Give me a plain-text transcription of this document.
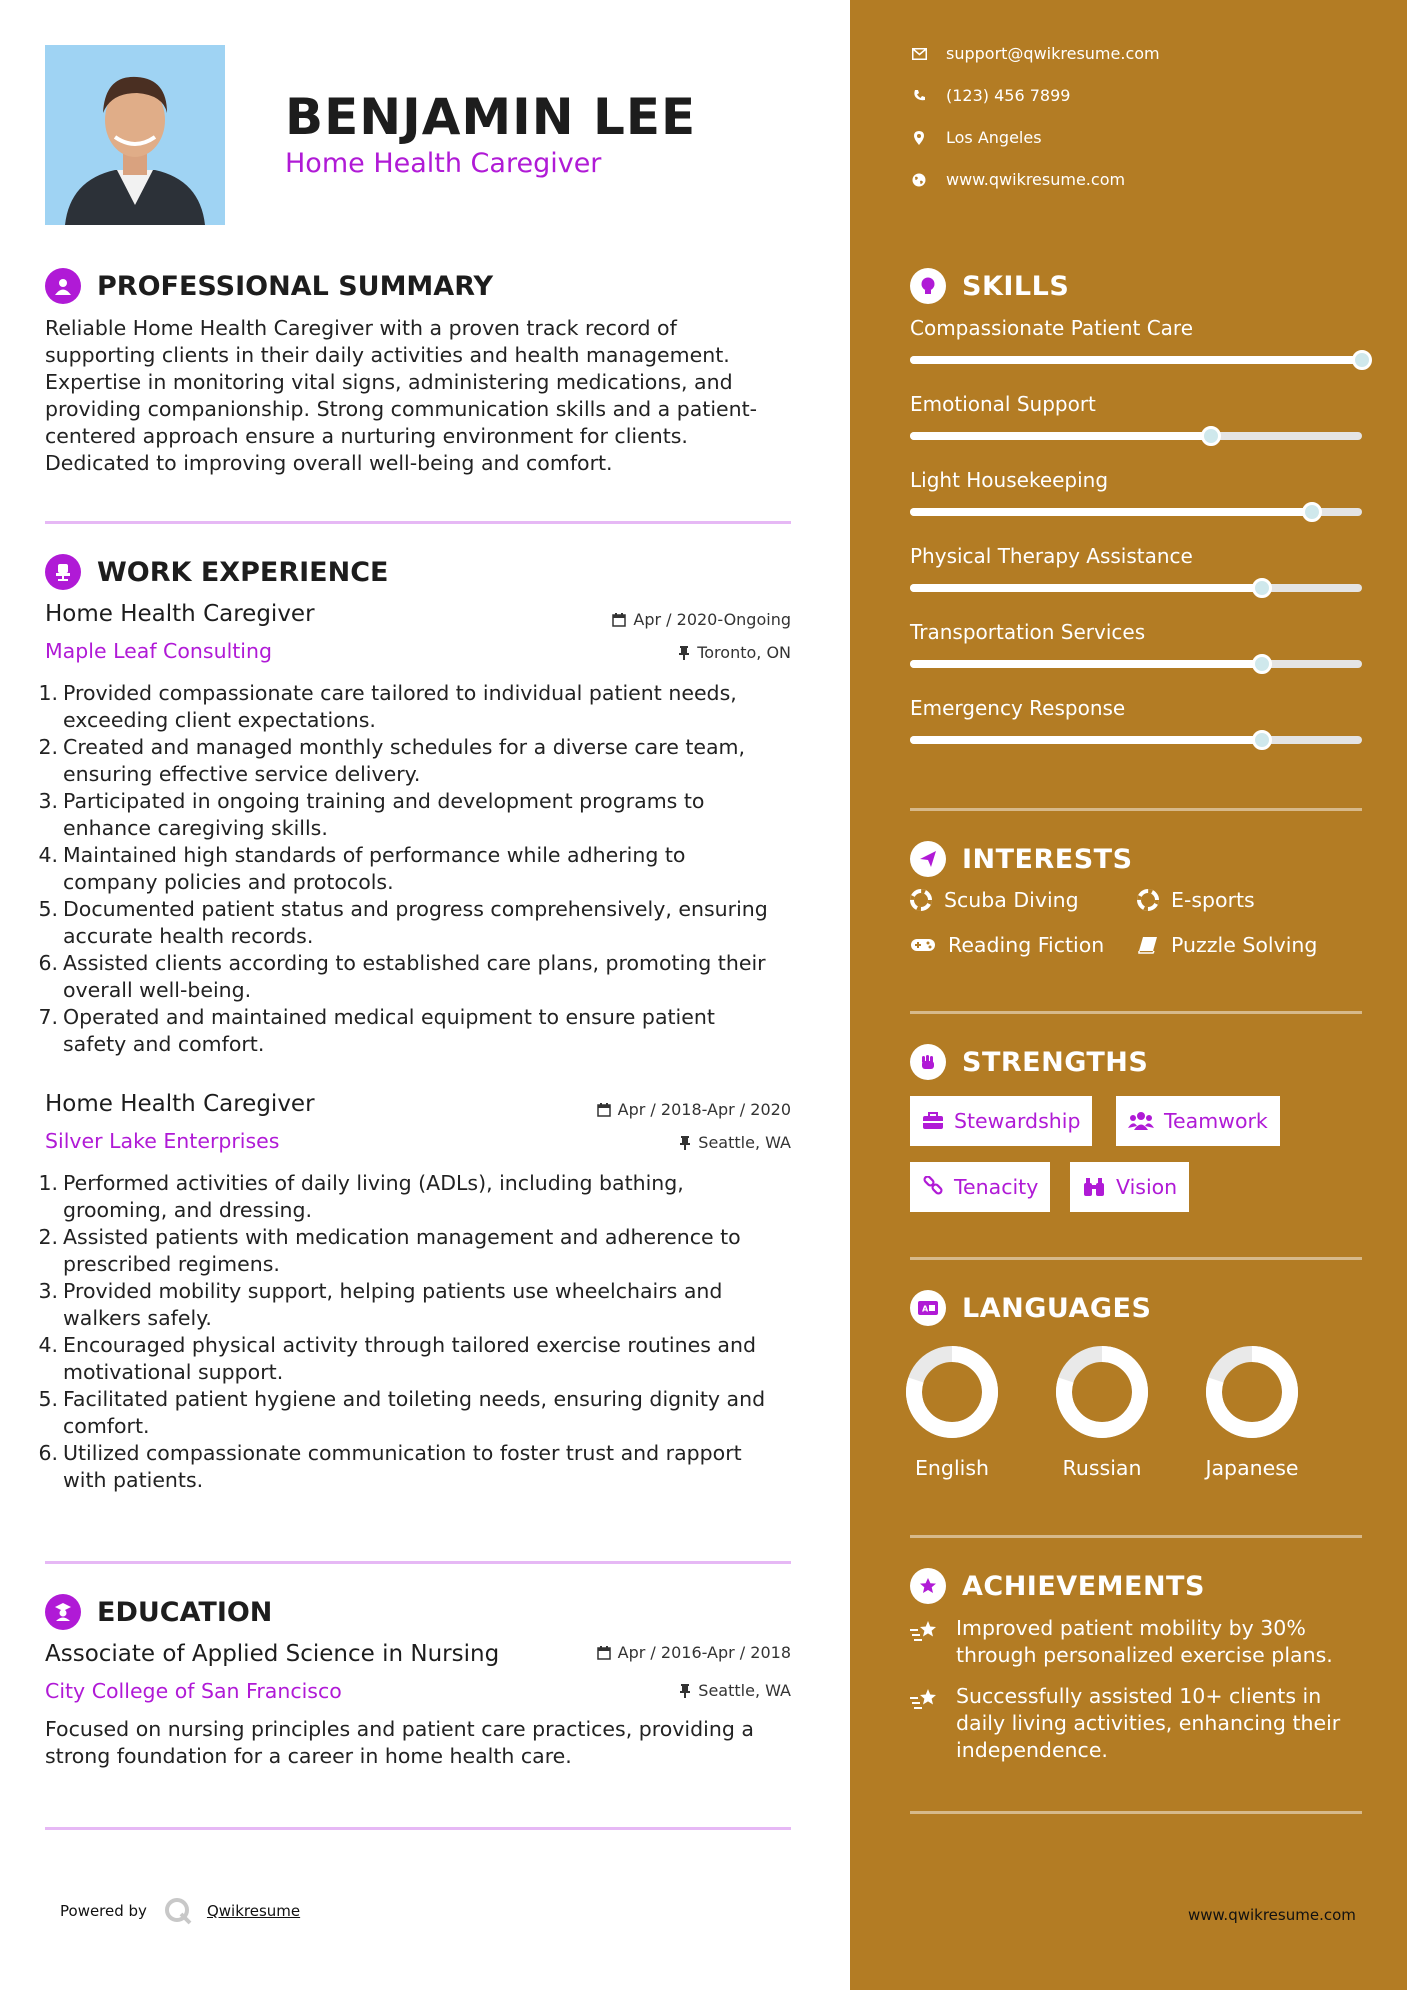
BENJAMIN LEE
Home Health Caregiver
PROFESSIONAL SUMMARY
Reliable Home Health Caregiver with a proven track record of
supporting clients in their daily activities and health management.
Expertise in monitoring vital signs, administering medications, and
providing companionship. Strong communication skills and a patient-
centered approach ensure a nurturing environment for clients.
Dedicated to improving overall well-being and comfort.
WORK EXPERIENCE
Home Health Caregiver	Apr / 2020-Ongoing
Maple Leaf Consulting	Toronto, ON
1. Provided compassionate care tailored to individual patient needs,
exceeding client expectations.
2. Created and managed monthly schedules for a diverse care team,
ensuring effective service delivery.
3. Participated in ongoing training and development programs to
enhance caregiving skills.
4. Maintained high standards of performance while adhering to
company policies and protocols.
5. Documented patient status and progress comprehensively, ensuring
accurate health records.
6. Assisted clients according to established care plans, promoting their
overall well-being.
7. Operated and maintained medical equipment to ensure patient
safety and comfort.
Home Health Caregiver	Apr / 2018-Apr / 2020
Silver Lake Enterprises	Seattle, WA
1. Performed activities of daily living (ADLs), including bathing,
grooming, and dressing.
2. Assisted patients with medication management and adherence to
prescribed regimens.
3. Provided mobility support, helping patients use wheelchairs and
walkers safely.
4. Encouraged physical activity through tailored exercise routines and
motivational support.
5. Facilitated patient hygiene and toileting needs, ensuring dignity and
comfort.
6. Utilized compassionate communication to foster trust and rapport
with patients.
EDUCATION
Associate of Applied Science in Nursing	Apr / 2016-Apr / 2018
City College of San Francisco	Seattle, WA
Focused on nursing principles and patient care practices, providing a
strong foundation for a career in home health care.
Powered by	Qwikresume
support@qwikresume.com
(123) 456 7899
Los Angeles
www.qwikresume.com
SKILLS
Compassionate Patient Care
Emotional Support
Light Housekeeping
Physical Therapy Assistance
Transportation Services
Emergency Response
INTERESTS
Scuba Diving	E-sports
Reading Fiction	Puzzle Solving
STRENGTHS
Stewardship	Teamwork
Tenacity	Vision
A LANGUAGES
English	Russian	Japanese
ACHIEVEMENTS
Improved patient mobility by 30%
through personalized exercise plans.
Successfully assisted 10+ clients in
daily living activities, enhancing their
independence.
www.qwikresume.com
